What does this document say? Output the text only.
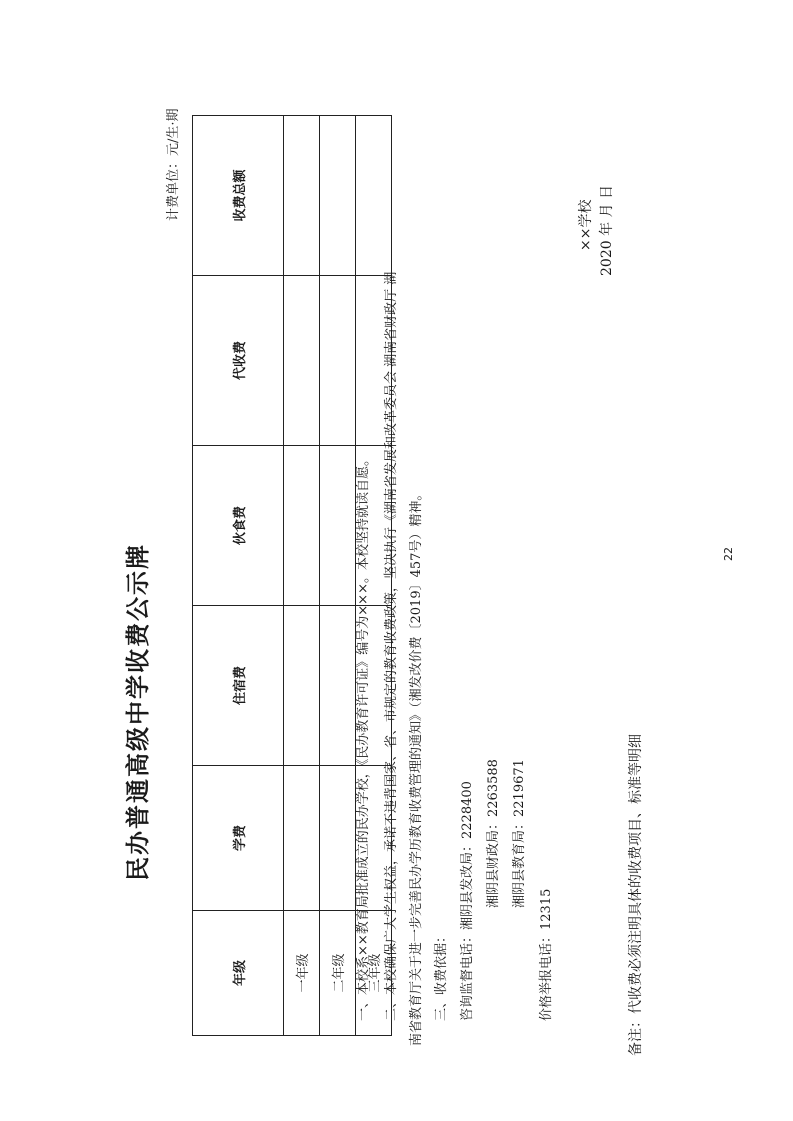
民办普通高级中学收费公示牌
计费单位：元/生·期
年级	学费	住宿费	伙食费	代收费	收费总额
一年级					
二年级					
三年级					
一、本校系××教育局批准成立的民办学校，《民办教育许可证》编号为×××。本校坚持就读自愿。	二、本校确保广大学生权益，承诺不违背国家、省、市规定的教育收费政策，坚决执行《湖南省发展和改革委员会 湖南省财政厅 湖 南省教育厅关于进一步完善民办学历教育收费管理的通知》（湘发改价费〔2019〕457号）精神。 三、收费依据： 咨询监督电话：湘阴县发改局：2228400 湘阴县财政局：2263588 湘阴县教育局：2219671
价格举报电话：12315
××学校 2020 年 月 日
备注：代收费必须注明具体的收费项目、标准等明细
22
